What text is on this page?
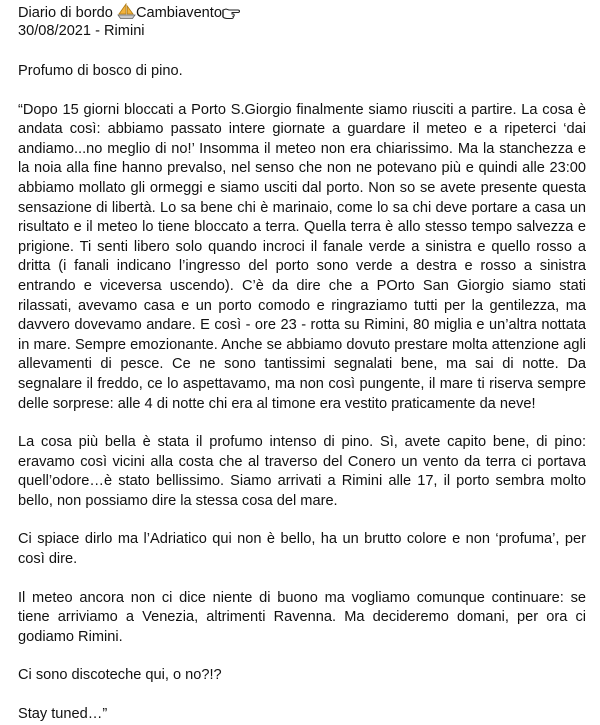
Diario di bordo Cambiavento
30/08/2021 - Rimini

Profumo di bosco di pino.

“Dopo 15 giorni bloccati a Porto S.Giorgio finalmente siamo riusciti a partire. La cosa è andata così: abbiamo passato intere giornate a guardare il meteo e a ripeterci ‘dai andiamo...no meglio di no!’ Insomma il meteo non era chiarissimo. Ma la stanchezza e la noia alla fine hanno prevalso, nel senso che non ne potevano più e quindi alle 23:00 abbiamo mollato gli ormeggi e siamo usciti dal porto. Non so se avete presente questa sensazione di libertà. Lo sa bene chi è marinaio, come lo sa chi deve portare a casa un risultato e il meteo lo tiene bloccato a terra. Quella terra è allo stesso tempo salvezza e prigione. Ti senti libero solo quando incroci il fanale verde a sinistra e quello rosso a dritta (i fanali indicano l’ingresso del porto sono verde a destra e rosso a sinistra entrando e viceversa uscendo). C’è da dire che a POrto San Giorgio siamo stati rilassati, avevamo casa e un porto comodo e ringraziamo tutti per la gentilezza, ma davvero dovevamo andare. E così - ore 23 - rotta su Rimini, 80 miglia e un’altra nottata in mare. Sempre emozionante. Anche se abbiamo dovuto prestare molta attenzione agli allevamenti di pesce. Ce ne sono tantissimi segnalati bene, ma sai di notte. Da segnalare il freddo, ce lo aspettavamo, ma non così pungente, il mare ti riserva sempre delle sorprese: alle 4 di notte chi era al timone era vestito praticamente da neve!

La cosa più bella è stata il profumo intenso di pino. Sì, avete capito bene, di pino: eravamo così vicini alla costa che al traverso del Conero un vento da terra ci portava quell’odore…è stato bellissimo. Siamo arrivati a Rimini alle 17, il porto sembra molto bello, non possiamo dire la stessa cosa del mare.

Ci spiace dirlo ma l’Adriatico qui non è bello, ha un brutto colore e non ‘profuma’, per così dire.

Il meteo ancora non ci dice niente di buono ma vogliamo comunque continuare: se tiene arriviamo a Venezia, altrimenti Ravenna. Ma decideremo domani, per ora ci godiamo Rimini.

Ci sono discoteche qui, o no?!?

Stay tuned…”
